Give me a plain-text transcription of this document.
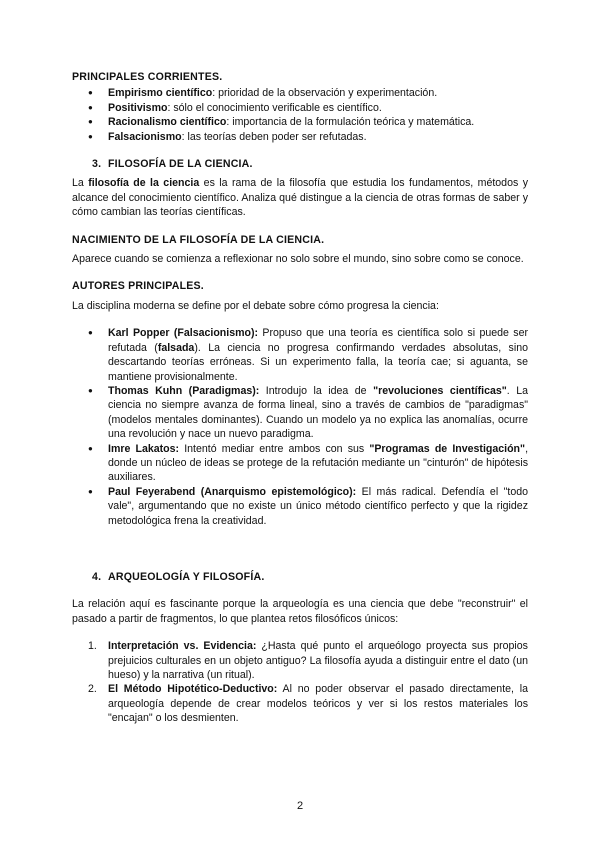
PRINCIPALES CORRIENTES.

● Empirismo científico: prioridad de la observación y experimentación.
● Positivismo: sólo el conocimiento verificable es científico.
● Racionalismo científico: importancia de la formulación teórica y matemática.
● Falsacionismo: las teorías deben poder ser refutadas.

3. FILOSOFÍA DE LA CIENCIA.

La filosofía de la ciencia es la rama de la filosofía que estudia los fundamentos, métodos y alcance del conocimiento científico. Analiza qué distingue a la ciencia de otras formas de saber y cómo cambian las teorías científicas.

NACIMIENTO DE LA FILOSOFÍA DE LA CIENCIA.

Aparece cuando se comienza a reflexionar no solo sobre el mundo, sino sobre como se conoce.

AUTORES PRINCIPALES.

La disciplina moderna se define por el debate sobre cómo progresa la ciencia:

● Karl Popper (Falsacionismo): Propuso que una teoría es científica solo si puede ser refutada (falsada). La ciencia no progresa confirmando verdades absolutas, sino descartando teorías erróneas. Si un experimento falla, la teoría cae; si aguanta, se mantiene provisionalmente.
● Thomas Kuhn (Paradigmas): Introdujo la idea de "revoluciones científicas". La ciencia no siempre avanza de forma lineal, sino a través de cambios de "paradigmas" (modelos mentales dominantes). Cuando un modelo ya no explica las anomalías, ocurre una revolución y nace un nuevo paradigma.
● Imre Lakatos: Intentó mediar entre ambos con sus "Programas de Investigación", donde un núcleo de ideas se protege de la refutación mediante un "cinturón" de hipótesis auxiliares.
● Paul Feyerabend (Anarquismo epistemológico): El más radical. Defendía el "todo vale", argumentando que no existe un único método científico perfecto y que la rigidez metodológica frena la creatividad.

4. ARQUEOLOGÍA Y FILOSOFÍA.

La relación aquí es fascinante porque la arqueología es una ciencia que debe "reconstruir" el pasado a partir de fragmentos, lo que plantea retos filosóficos únicos:

1. Interpretación vs. Evidencia: ¿Hasta qué punto el arqueólogo proyecta sus propios prejuicios culturales en un objeto antiguo? La filosofía ayuda a distinguir entre el dato (un hueso) y la narrativa (un ritual).
2. El Método Hipotético-Deductivo: Al no poder observar el pasado directamente, la arqueología depende de crear modelos teóricos y ver si los restos materiales los "encajan" o los desmienten.
2
